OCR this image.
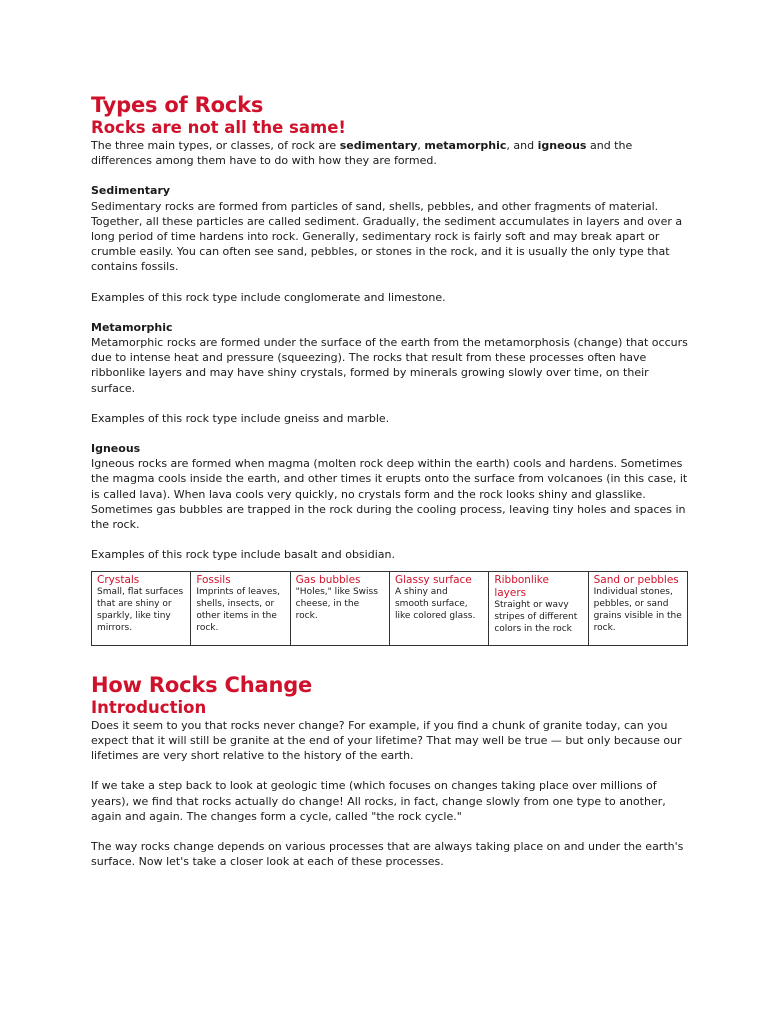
Types of Rocks
Rocks are not all the same!

The three main types, or classes, of rock are sedimentary, metamorphic, and igneous and the differences among them have to do with how they are formed.

Sedimentary

Sedimentary rocks are formed from particles of sand, shells, pebbles, and other fragments of material. Together, all these particles are called sediment. Gradually, the sediment accumulates in layers and over a long period of time hardens into rock. Generally, sedimentary rock is fairly soft and may break apart or crumble easily. You can often see sand, pebbles, or stones in the rock, and it is usually the only type that contains fossils.

Examples of this rock type include conglomerate and limestone.

Metamorphic

Metamorphic rocks are formed under the surface of the earth from the metamorphosis (change) that occurs due to intense heat and pressure (squeezing). The rocks that result from these processes often have ribbonlike layers and may have shiny crystals, formed by minerals growing slowly over time, on their surface.

Examples of this rock type include gneiss and marble.

Igneous

Igneous rocks are formed when magma (molten rock deep within the earth) cools and hardens. Sometimes the magma cools inside the earth, and other times it erupts onto the surface from volcanoes (in this case, it is called lava). When lava cools very quickly, no crystals form and the rock looks shiny and glasslike. Sometimes gas bubbles are trapped in the rock during the cooling process, leaving tiny holes and spaces in the rock.

Examples of this rock type include basalt and obsidian.

Crystals
Small, flat surfaces that are shiny or sparkly, like tiny mirrors.

Fossils
Imprints of leaves, shells, insects, or other items in the rock.

Gas bubbles
"Holes," like Swiss cheese, in the rock.

Glassy surface
A shiny and smooth surface, like colored glass.

Ribbonlike layers
Straight or wavy stripes of different colors in the rock

Sand or pebbles
Individual stones, pebbles, or sand grains visible in the rock.
How Rocks Change
Introduction

Does it seem to you that rocks never change? For example, if you find a chunk of granite today, can you expect that it will still be granite at the end of your lifetime? That may well be true — but only because our lifetimes are very short relative to the history of the earth.

If we take a step back to look at geologic time (which focuses on changes taking place over millions of years), we find that rocks actually do change! All rocks, in fact, change slowly from one type to another, again and again. The changes form a cycle, called "the rock cycle."

The way rocks change depends on various processes that are always taking place on and under the earth's surface. Now let's take a closer look at each of these processes.
